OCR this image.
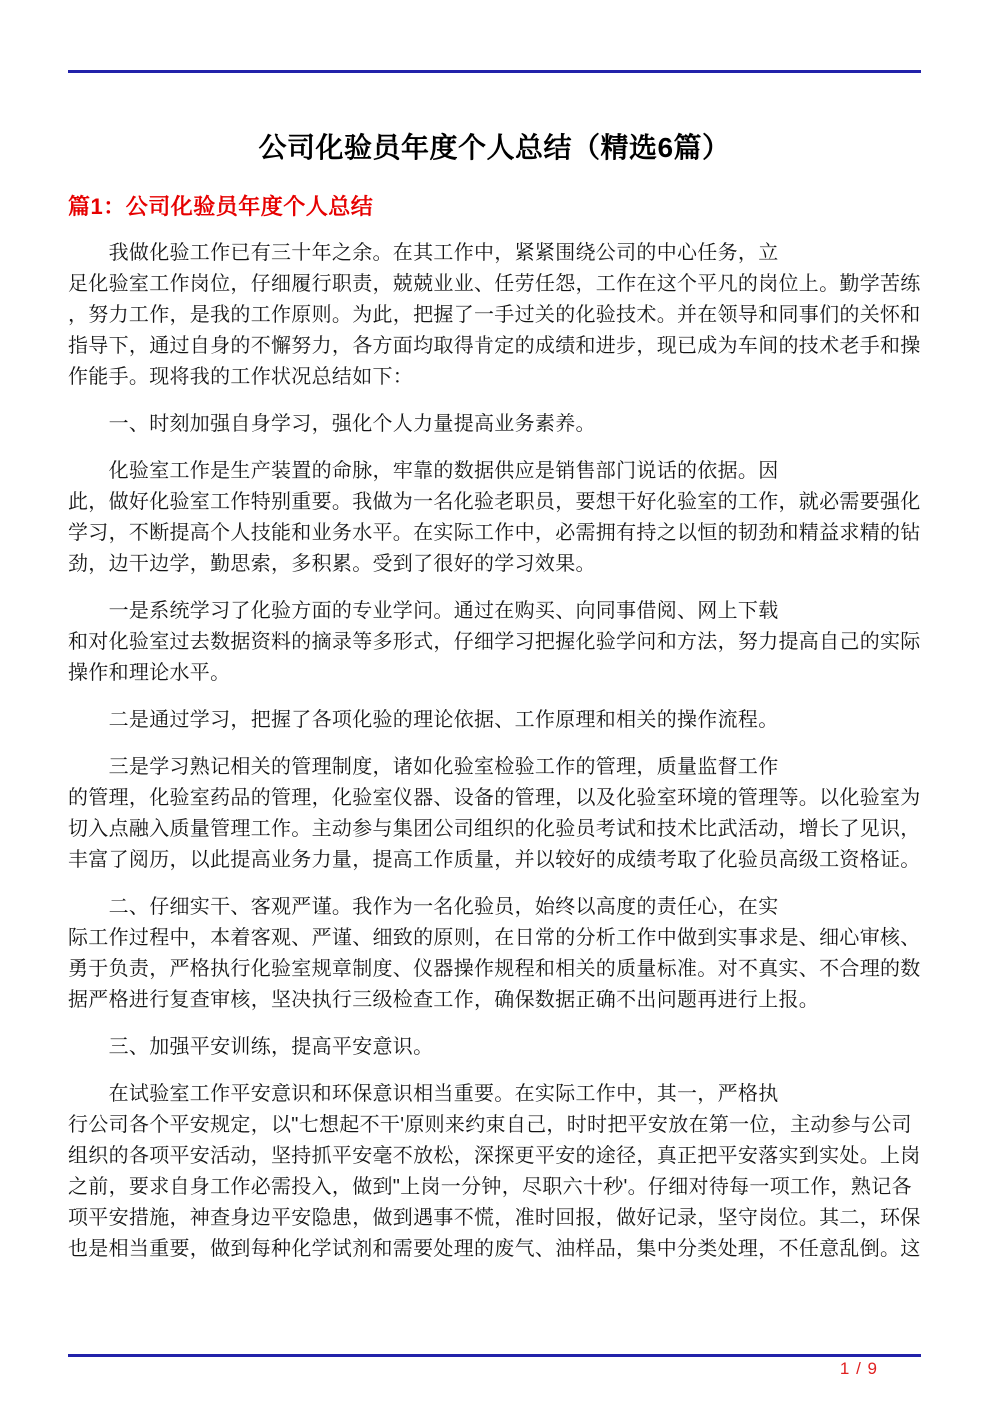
公司化验员年度个人总结（精选6篇）
篇1：公司化验员年度个人总结
　　我做化验工作已有三十年之余。在其工作中，紧紧围绕公司的中心任务，立
足化验室工作岗位，仔细履行职责，兢兢业业、任劳任怨，工作在这个平凡的岗位上。勤学苦练
，努力工作，是我的工作原则。为此，把握了一手过关的化验技术。并在领导和同事们的关怀和
指导下，通过自身的不懈努力，各方面均取得肯定的成绩和进步，现已成为车间的技术老手和操
作能手。现将我的工作状况总结如下：
　　一、时刻加强自身学习，强化个人力量提高业务素养。
　　化验室工作是生产装置的命脉，牢靠的数据供应是销售部门说话的依据。因
此，做好化验室工作特别重要。我做为一名化验老职员，要想干好化验室的工作，就必需要强化
学习，不断提高个人技能和业务水平。在实际工作中，必需拥有持之以恒的韧劲和精益求精的钻
劲，边干边学，勤思索，多积累。受到了很好的学习效果。
　　一是系统学习了化验方面的专业学问。通过在购买、向同事借阅、网上下载
和对化验室过去数据资料的摘录等多形式，仔细学习把握化验学问和方法，努力提高自己的实际
操作和理论水平。
　　二是通过学习，把握了各项化验的理论依据、工作原理和相关的操作流程。
　　三是学习熟记相关的管理制度，诸如化验室检验工作的管理，质量监督工作
的管理，化验室药品的管理，化验室仪器、设备的管理，以及化验室环境的管理等。以化验室为
切入点融入质量管理工作。主动参与集团公司组织的化验员考试和技术比武活动，增长了见识，
丰富了阅历，以此提高业务力量，提高工作质量，并以较好的成绩考取了化验员高级工资格证。
　　二、仔细实干、客观严谨。我作为一名化验员，始终以高度的责任心，在实
际工作过程中，本着客观、严谨、细致的原则，在日常的分析工作中做到实事求是、细心审核、
勇于负责，严格执行化验室规章制度、仪器操作规程和相关的质量标准。对不真实、不合理的数
据严格进行复查审核，坚决执行三级检查工作，确保数据正确不出问题再进行上报。
　　三、加强平安训练，提高平安意识。
　　在试验室工作平安意识和环保意识相当重要。在实际工作中，其一，严格执
行公司各个平安规定，以"七想起不干'原则来约束自己，时时把平安放在第一位，主动参与公司
组织的各项平安活动，坚持抓平安毫不放松，深探更平安的途径，真正把平安落实到实处。上岗
之前，要求自身工作必需投入，做到"上岗一分钟，尽职六十秒'。仔细对待每一项工作，熟记各
项平安措施，神查身边平安隐患，做到遇事不慌，准时回报，做好记录，坚守岗位。其二，环保
也是相当重要，做到每种化学试剂和需要处理的废气、油样品，集中分类处理，不任意乱倒。这
1 / 9
